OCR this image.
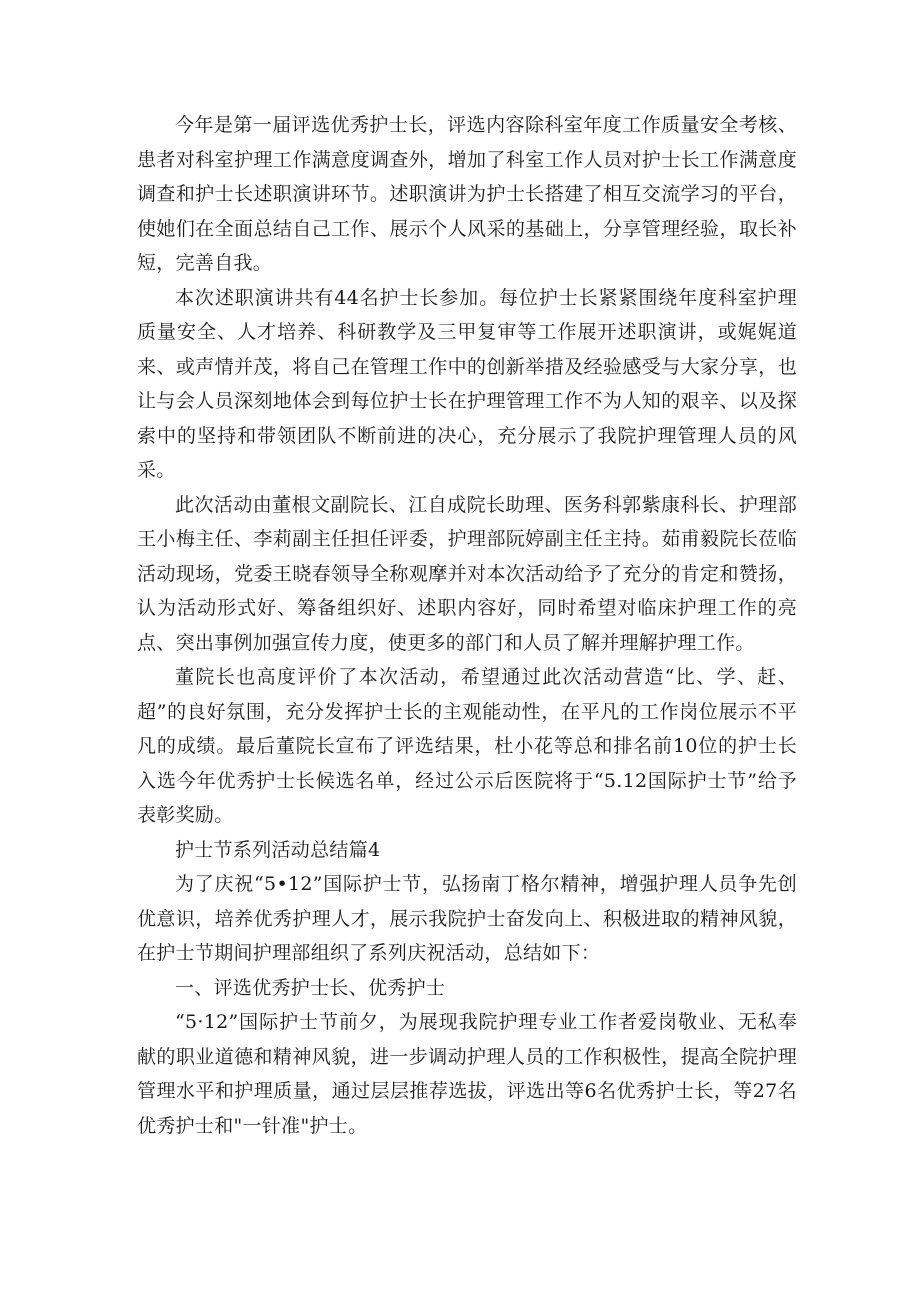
今年是第一届评选优秀护士长，评选内容除科室年度工作质量安全考核、患者对科室护理工作满意度调查外，增加了科室工作人员对护士长工作满意度调查和护士长述职演讲环节。述职演讲为护士长搭建了相互交流学习的平台，使她们在全面总结自己工作、展示个人风采的基础上，分享管理经验，取长补短，完善自我。

本次述职演讲共有44名护士长参加。每位护士长紧紧围绕年度科室护理质量安全、人才培养、科研教学及三甲复审等工作展开述职演讲，或娓娓道来、或声情并茂，将自己在管理工作中的创新举措及经验感受与大家分享，也让与会人员深刻地体会到每位护士长在护理管理工作不为人知的艰辛、以及探索中的坚持和带领团队不断前进的决心，充分展示了我院护理管理人员的风采。

此次活动由董根文副院长、江自成院长助理、医务科郭紫康科长、护理部王小梅主任、李莉副主任担任评委，护理部阮婷副主任主持。茹甫毅院长莅临活动现场，党委王晓春领导全称观摩并对本次活动给予了充分的肯定和赞扬，认为活动形式好、筹备组织好、述职内容好，同时希望对临床护理工作的亮点、突出事例加强宣传力度，使更多的部门和人员了解并理解护理工作。

董院长也高度评价了本次活动，希望通过此次活动营造“比、学、赶、超”的良好氛围，充分发挥护士长的主观能动性，在平凡的工作岗位展示不平凡的成绩。最后董院长宣布了评选结果，杜小花等总和排名前10位的护士长入选今年优秀护士长候选名单，经过公示后医院将于“5.12国际护士节”给予表彰奖励。

护士节系列活动总结篇4

为了庆祝“5•12”国际护士节，弘扬南丁格尔精神，增强护理人员争先创优意识，培养优秀护理人才，展示我院护士奋发向上、积极进取的精神风貌，在护士节期间护理部组织了系列庆祝活动，总结如下：

一、评选优秀护士长、优秀护士

“5·12”国际护士节前夕，为展现我院护理专业工作者爱岗敬业、无私奉献的职业道德和精神风貌，进一步调动护理人员的工作积极性，提高全院护理管理水平和护理质量，通过层层推荐选拔，评选出等6名优秀护士长，等27名优秀护士和"一针准"护士。
